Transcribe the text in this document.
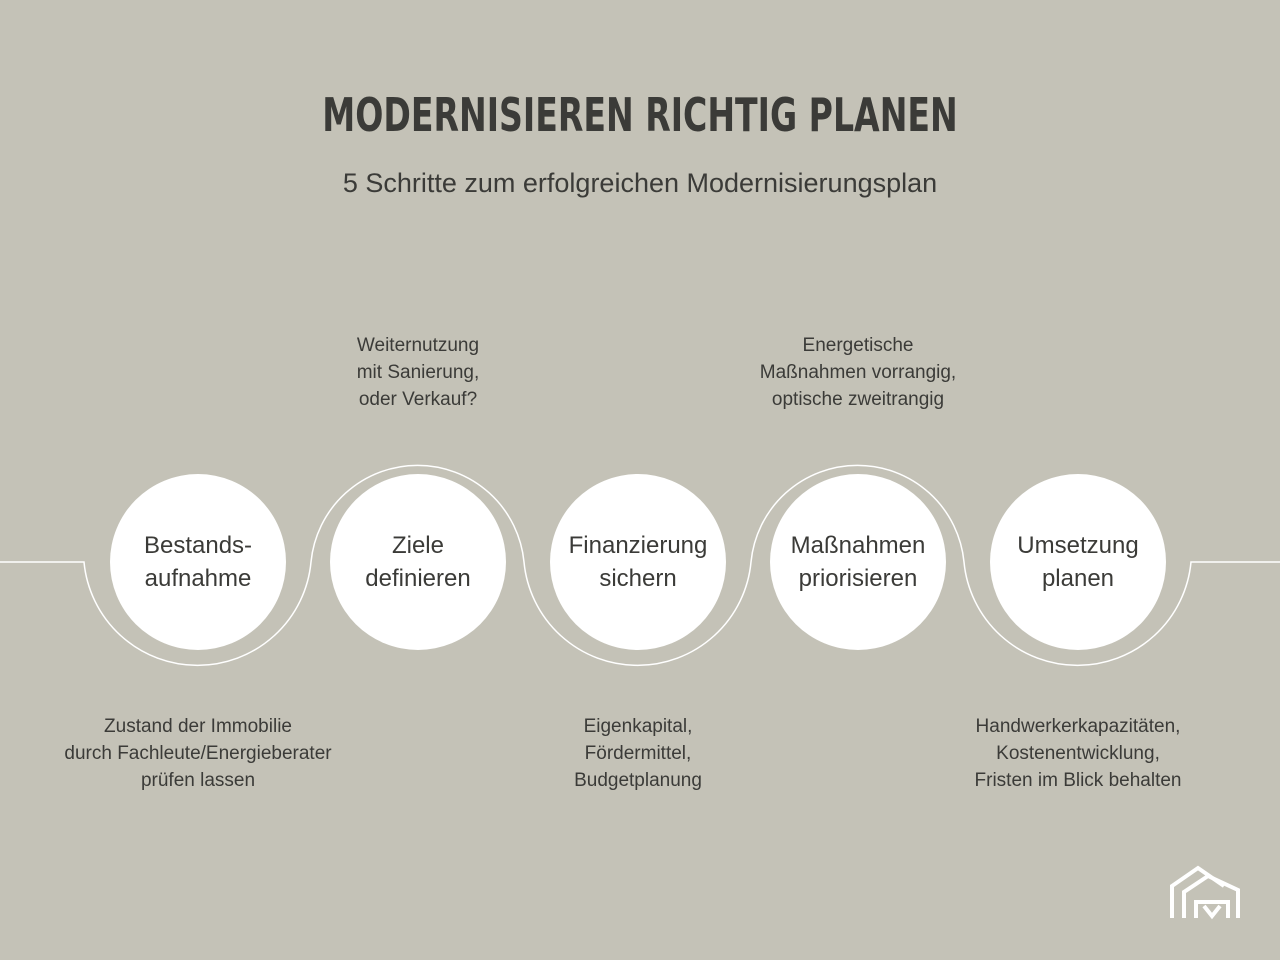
MODERNISIEREN RICHTIG PLANEN
5 Schritte zum erfolgreichen Modernisierungsplan
Bestands-
aufnahme
Ziele
definieren
Finanzierung
sichern
Maßnahmen
priorisieren
Umsetzung
planen
Zustand der Immobilie
durch Fachleute/Energieberater
prüfen lassen
Weiternutzung
mit Sanierung,
oder Verkauf?
Eigenkapital,
Fördermittel,
Budgetplanung
Energetische
Maßnahmen vorrangig,
optische zweitrangig
Handwerkerkapazitäten,
Kostenentwicklung,
Fristen im Blick behalten
